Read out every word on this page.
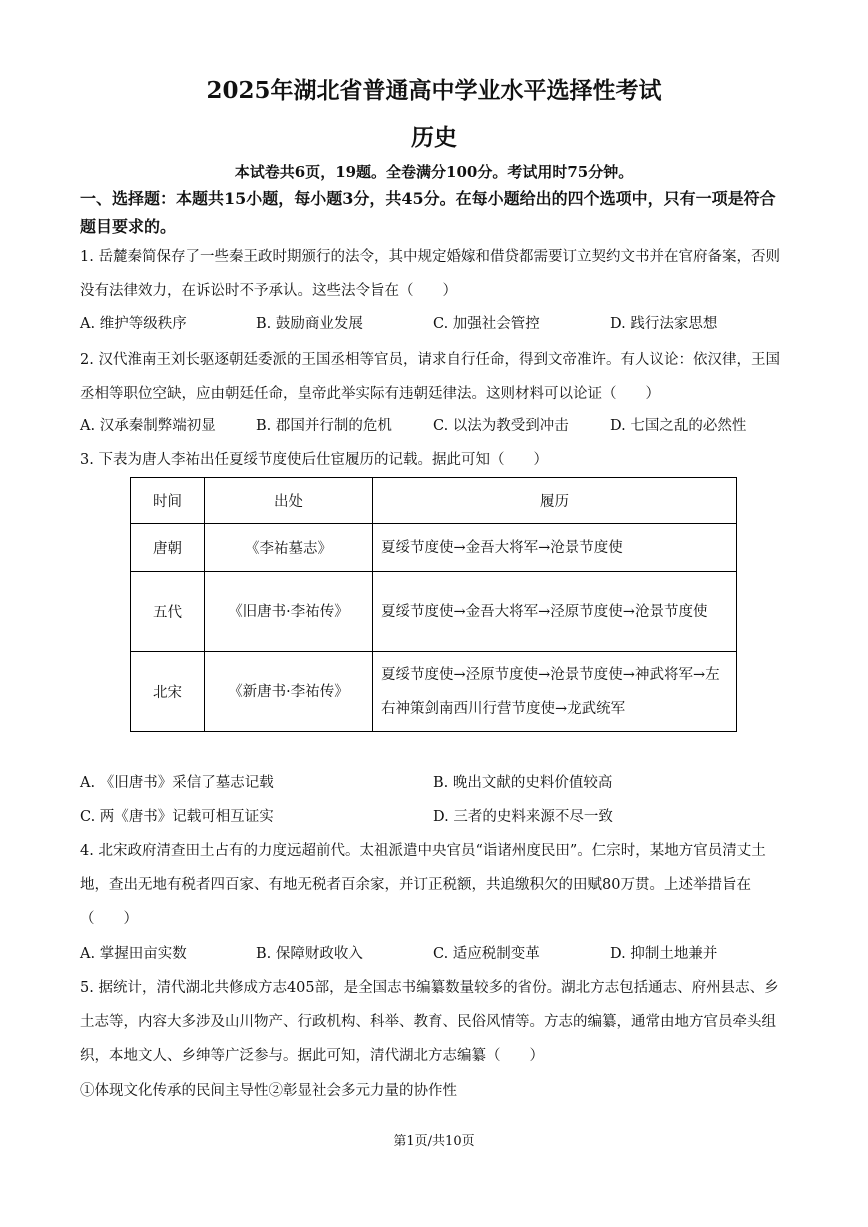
2025年湖北省普通高中学业水平选择性考试
历史
本试卷共6页，19题。全卷满分100分。考试用时75分钟。
一、选择题：本题共15小题，每小题3分，共45分。在每小题给出的四个选项中，只有一项是符合题目要求的。
1. 岳麓秦简保存了一些秦王政时期颁行的法令，其中规定婚嫁和借贷都需要订立契约文书并在官府备案，否则没有法律效力，在诉讼时不予承认。这些法令旨在（　　）
A. 维护等级秩序	B. 鼓励商业发展	C. 加强社会管控	D. 践行法家思想
2. 汉代淮南王刘长驱逐朝廷委派的王国丞相等官员，请求自行任命，得到文帝准许。有人议论：依汉律，王国丞相等职位空缺，应由朝廷任命，皇帝此举实际有违朝廷律法。这则材料可以论证（　　）
A. 汉承秦制弊端初显	B. 郡国并行制的危机	C. 以法为教受到冲击	D. 七国之乱的必然性
3. 下表为唐人李祐出任夏绥节度使后仕宦履历的记载。据此可知（　　）
时间	出处	履历
唐朝	《李祐墓志》	夏绥节度使→金吾大将军→沧景节度使
五代	《旧唐书·李祐传》	夏绥节度使→金吾大将军→泾原节度使→沧景节度使
北宋	《新唐书·李祐传》	夏绥节度使→泾原节度使→沧景节度使→神武将军→左右神策剑南西川行营节度使→龙武统军
A. 《旧唐书》采信了墓志记载	B. 晚出文献的史料价值较高
C. 两《唐书》记载可相互证实	D. 三者的史料来源不尽一致
4. 北宋政府清查田土占有的力度远超前代。太祖派遣中央官员“诣诸州度民田”。仁宗时，某地方官员清丈土地，查出无地有税者四百家、有地无税者百余家，并订正税额，共追缴积欠的田赋80万贯。上述举措旨在（　　）
A. 掌握田亩实数	B. 保障财政收入	C. 适应税制变革	D. 抑制土地兼并
5. 据统计，清代湖北共修成方志405部，是全国志书编纂数量较多的省份。湖北方志包括通志、府州县志、乡土志等，内容大多涉及山川物产、行政机构、科举、教育、民俗风情等。方志的编纂，通常由地方官员牵头组织，本地文人、乡绅等广泛参与。据此可知，清代湖北方志编纂（　　）
①体现文化传承的民间主导性②彰显社会多元力量的协作性
第1页/共10页
